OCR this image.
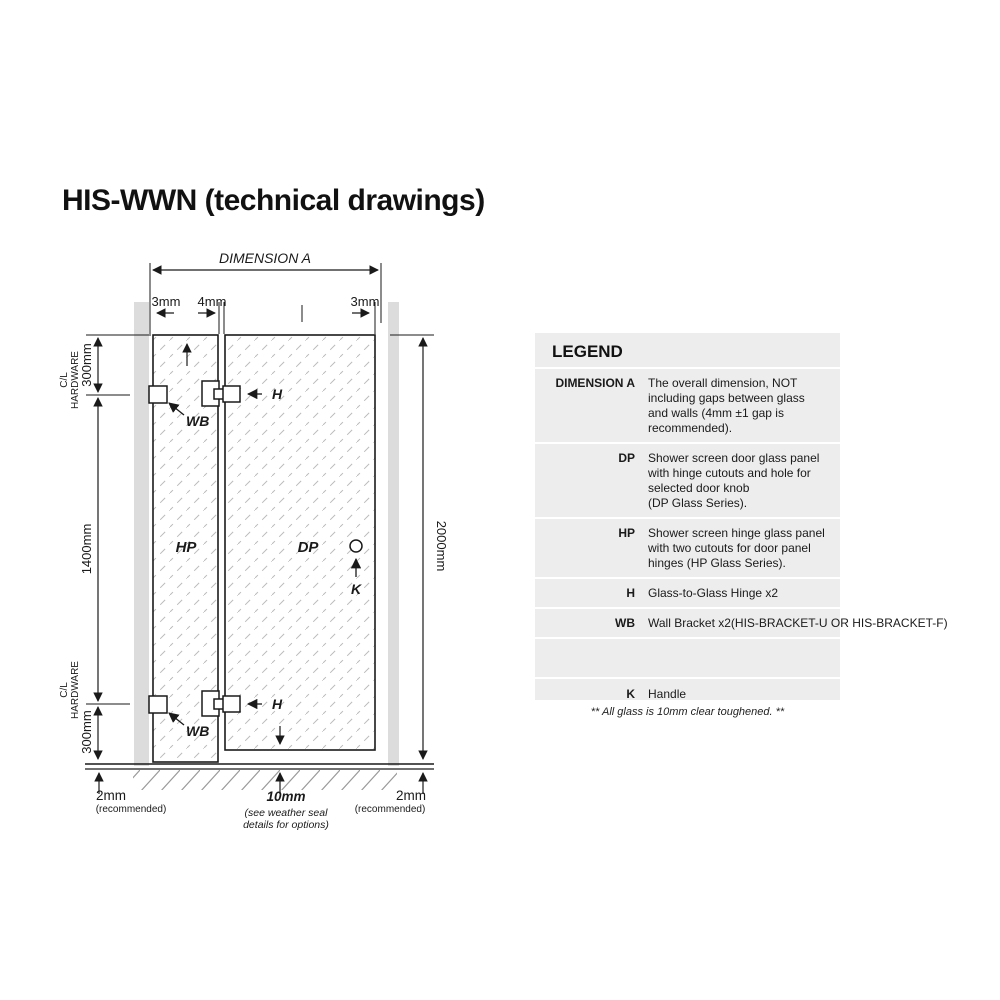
HIS-WWN (technical drawings)
DIMENSION A
3mm 4mm	3mm
C/L HARDWARE
300mm
1400mm
C/L HARDWARE
300mm
2000mm
HP	DP
H
H
WB
WB
K
2mm
(recommended)
2mm
(recommended)
10mm
(see weather seal
details for options)
LEGEND
DIMENSION A	The overall dimension, NOT
including gaps between glass
and walls (4mm ±1 gap is
recommended).
DP	Shower screen door glass panel
with hinge cutouts and hole for
selected door knob
(DP Glass Series).
HP	Shower screen hinge glass panel
with two cutouts for door panel
hinges (HP Glass Series).
H	Glass-to-Glass Hinge x2
WB	Wall Bracket x2(HIS-BRACKET-U OR HIS-BRACKET-F)
K	Handle
** All glass is 10mm clear toughened. **
